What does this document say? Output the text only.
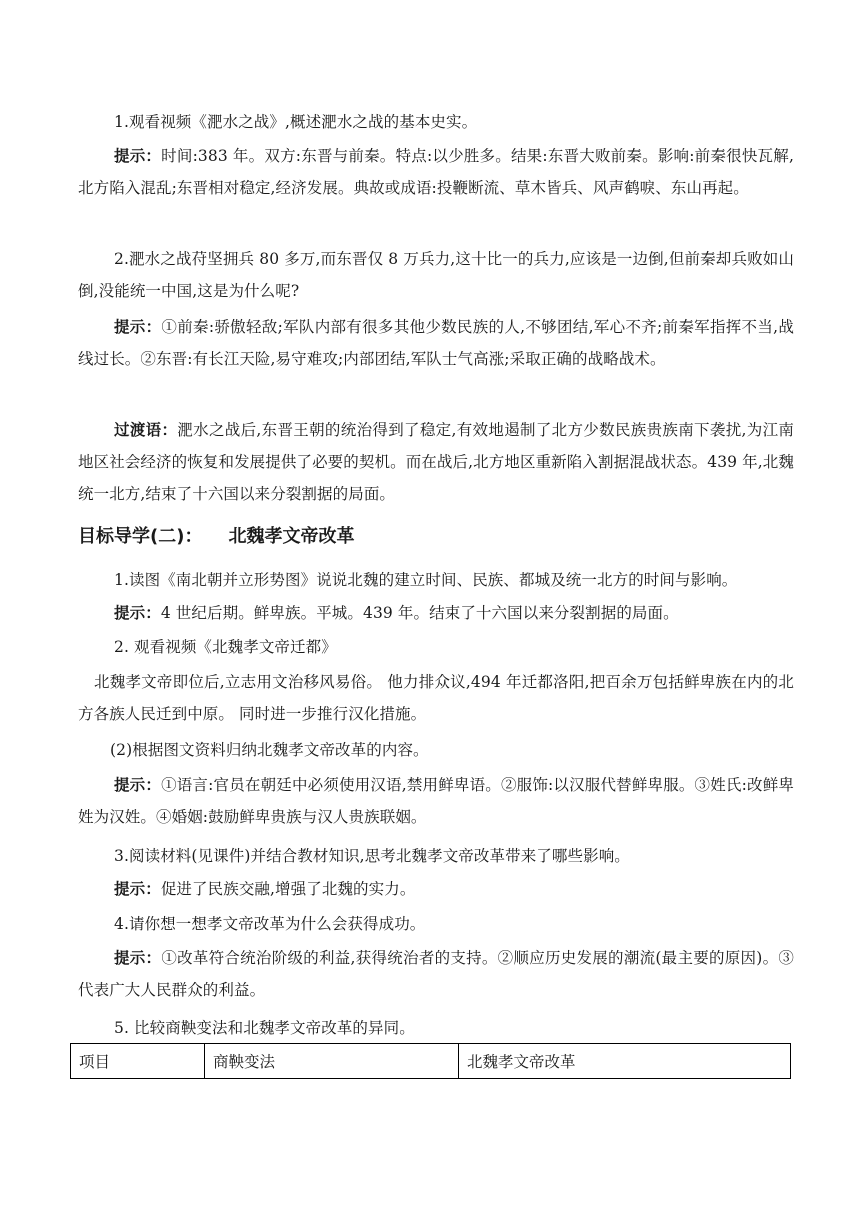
1.观看视频《淝水之战》,概述淝水之战的基本史实。

提示：时间:383 年。双方:东晋与前秦。特点:以少胜多。结果:东晋大败前秦。影响:前秦很快瓦解,北方陷入混乱;东晋相对稳定,经济发展。典故或成语:投鞭断流、草木皆兵、风声鹤唳、东山再起。

2.淝水之战苻坚拥兵 80 多万,而东晋仅 8 万兵力,这十比一的兵力,应该是一边倒,但前秦却兵败如山倒,没能统一中国,这是为什么呢?

提示：①前秦:骄傲轻敌;军队内部有很多其他少数民族的人,不够团结,军心不齐;前秦军指挥不当,战线过长。②东晋:有长江天险,易守难攻;内部团结,军队士气高涨;采取正确的战略战术。

过渡语：淝水之战后,东晋王朝的统治得到了稳定,有效地遏制了北方少数民族贵族南下袭扰,为江南地区社会经济的恢复和发展提供了必要的契机。而在战后,北方地区重新陷入割据混战状态。439 年,北魏统一北方,结束了十六国以来分裂割据的局面。

目标导学(二)： 北魏孝文帝改革

1.读图《南北朝并立形势图》说说北魏的建立时间、民族、都城及统一北方的时间与影响。

提示：4 世纪后期。鲜卑族。平城。439 年。结束了十六国以来分裂割据的局面。

2. 观看视频《北魏孝文帝迁都》

北魏孝文帝即位后,立志用文治移风易俗。 他力排众议,494 年迁都洛阳,把百余万包括鲜卑族在内的北方各族人民迁到中原。 同时进一步推行汉化措施。

(2)根据图文资料归纳北魏孝文帝改革的内容。

提示：①语言:官员在朝廷中必须使用汉语,禁用鲜卑语。②服饰:以汉服代替鲜卑服。③姓氏:改鲜卑姓为汉姓。④婚姻:鼓励鲜卑贵族与汉人贵族联姻。

3.阅读材料(见课件)并结合教材知识,思考北魏孝文帝改革带来了哪些影响。

提示：促进了民族交融,增强了北魏的实力。

4.请你想一想孝文帝改革为什么会获得成功。

提示：①改革符合统治阶级的利益,获得统治者的支持。②顺应历史发展的潮流(最主要的原因)。③代表广大人民群众的利益。

5. 比较商鞅变法和北魏孝文帝改革的异同。

项目	商鞅变法	北魏孝文帝改革
